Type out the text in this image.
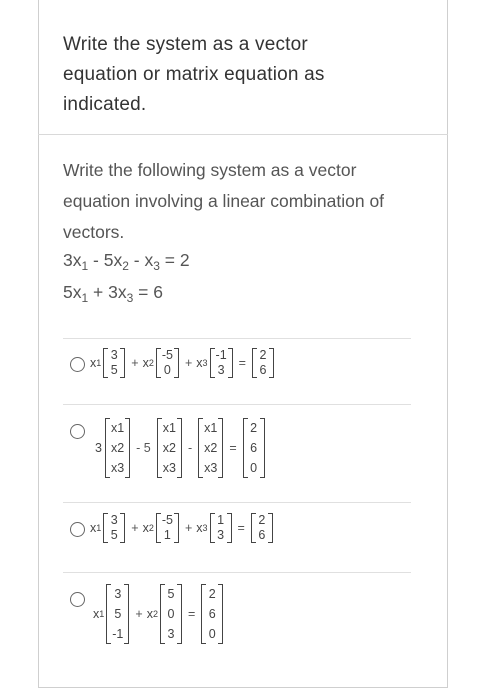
Write the system as a vector equation or matrix equation as indicated.
Write the following system as a vector equation involving a linear combination of vectors.
$3x_1 - 5x_2 - x_3 = 2$
$5x_1 + 3x_3 = 6$
x 1
3
5 + x 2
-5
0 + x 3
-1
3 =
2
6
3
x1
x2
x3
- 5
x1
x2
x3
-
x1
x2
x3
=
2
6
0
x 1
3
5 + x 2
-5
1 + x 3
1
3 =
2
6
x 1
3
5
-1
+ x 2
5
0
3
=
2
6
0
